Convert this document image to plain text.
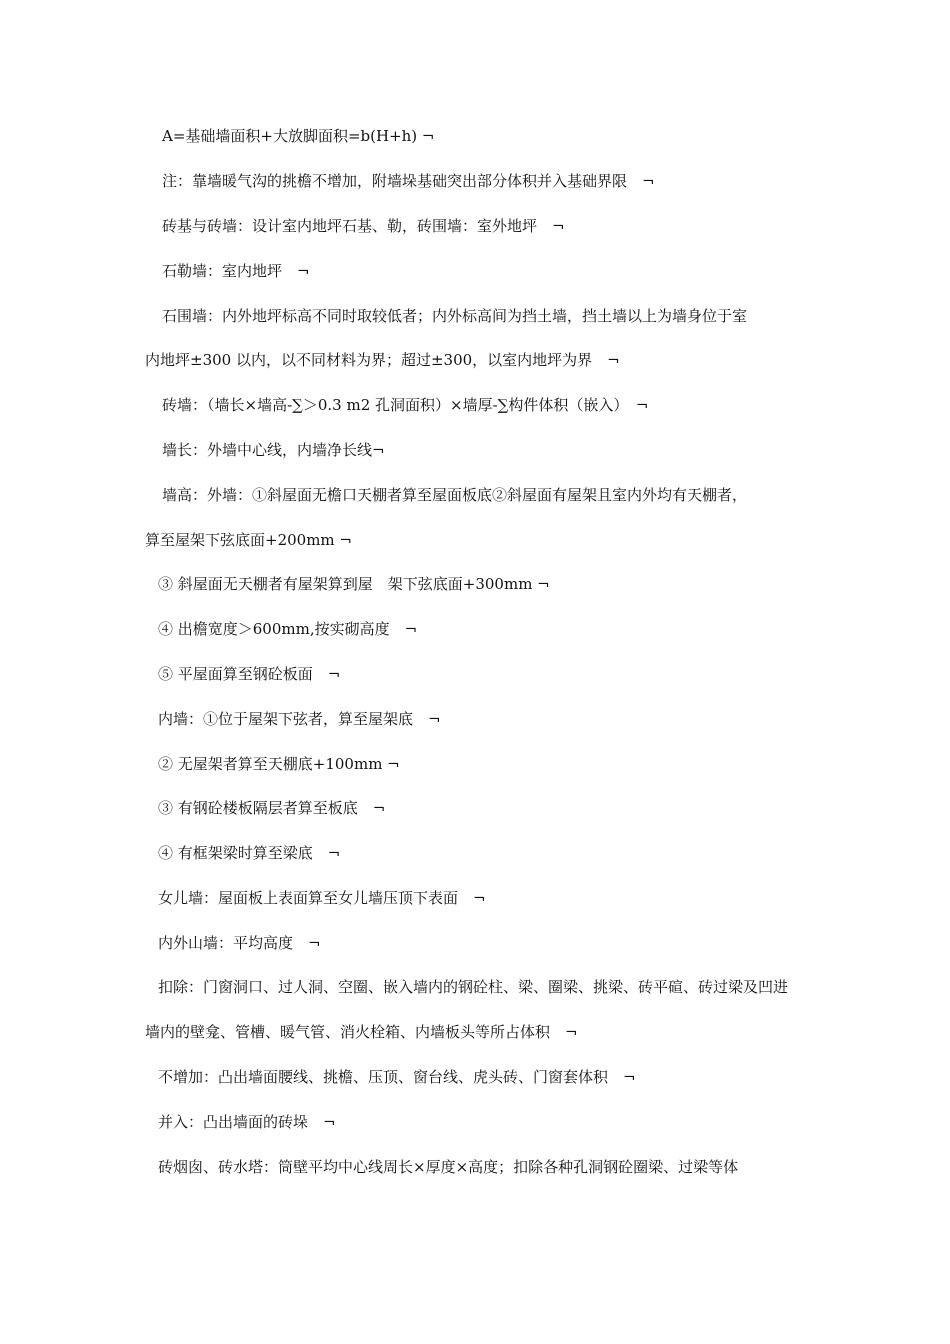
A=基础墙面积+大放脚面积=b(H+h) ¬
注：靠墙暖气沟的挑檐不增加，附墙垛基础突出部分体积并入基础界限　¬
砖基与砖墙：设计室内地坪石基、勒，砖围墙：室外地坪　¬
石勒墙：室内地坪　¬
石围墙：内外地坪标高不同时取较低者；内外标高间为挡土墙，挡土墙以上为墙身位于室
内地坪±300 以内，以不同材料为界；超过±300，以室内地坪为界　¬
砖墙：（墙长×墙高-∑＞0.3 m2 孔洞面积）×墙厚-∑构件体积（嵌入）　¬
墙长：外墙中心线，内墙净长线¬
墙高：外墙：①斜屋面无檐口天棚者算至屋面板底②斜屋面有屋架且室内外均有天棚者，
算至屋架下弦底面+200mm ¬
③ 斜屋面无天棚者有屋架算到屋　架下弦底面+300mm ¬
④ 出檐宽度＞600mm,按实砌高度　¬
⑤ 平屋面算至钢砼板面　¬
内墙：①位于屋架下弦者，算至屋架底　¬
② 无屋架者算至天棚底+100mm ¬
③ 有钢砼楼板隔层者算至板底　¬
④ 有框架梁时算至梁底　¬
女儿墙：屋面板上表面算至女儿墙压顶下表面　¬
内外山墙：平均高度　¬
扣除：门窗洞口、过人洞、空圈、嵌入墙内的钢砼柱、梁、圈梁、挑梁、砖平碹、砖过梁及凹进
墙内的壁龛、管槽、暖气管、消火栓箱、内墙板头等所占体积　¬
不增加：凸出墙面腰线、挑檐、压顶、窗台线、虎头砖、门窗套体积　¬
并入：凸出墙面的砖垛　¬
砖烟囱、砖水塔：筒壁平均中心线周长×厚度×高度；扣除各种孔洞钢砼圈梁、过梁等体
